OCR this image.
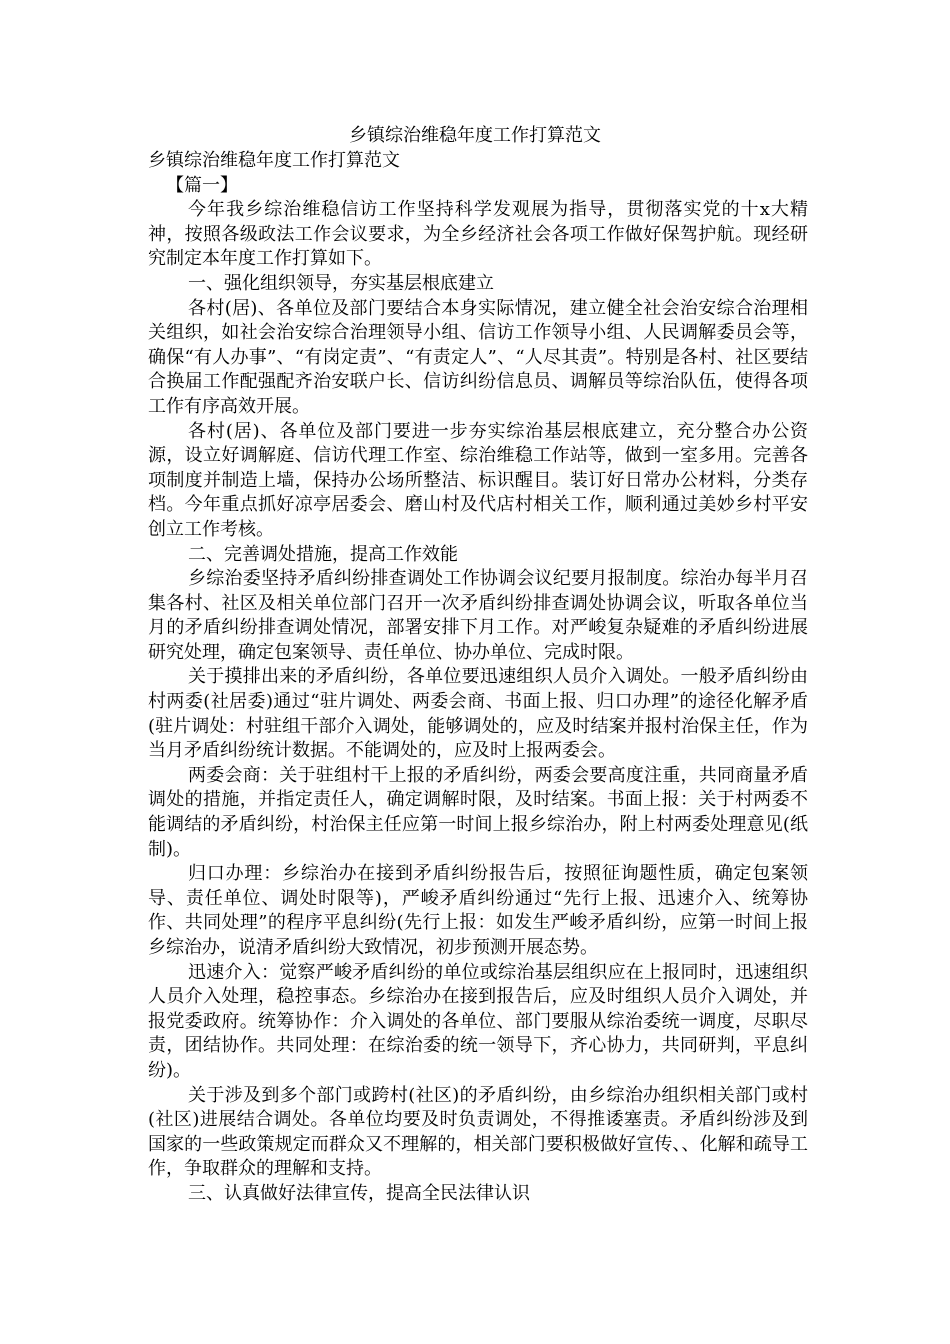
乡镇综治维稳年度工作打算范文

乡镇综治维稳年度工作打算范文

【篇一】

今年我乡综治维稳信访工作坚持科学发观展为指导，贯彻落实党的十x大精神，按照各级政法工作会议要求，为全乡经济社会各项工作做好保驾护航。现经研究制定本年度工作打算如下。

一、强化组织领导，夯实基层根底建立

各村(居)、各单位及部门要结合本身实际情况，建立健全社会治安综合治理相关组织，如社会治安综合治理领导小组、信访工作领导小组、人民调解委员会等，确保“有人办事”、“有岗定责”、“有责定人”、“人尽其责”。特别是各村、社区要结合换届工作配强配齐治安联户长、信访纠纷信息员、调解员等综治队伍，使得各项工作有序高效开展。

各村(居)、各单位及部门要进一步夯实综治基层根底建立，充分整合办公资源，设立好调解庭、信访代理工作室、综治维稳工作站等，做到一室多用。完善各项制度并制造上墙，保持办公场所整洁、标识醒目。装订好日常办公材料，分类存档。今年重点抓好凉亭居委会、磨山村及代店村相关工作，顺利通过美妙乡村平安创立工作考核。

二、完善调处措施，提高工作效能

乡综治委坚持矛盾纠纷排查调处工作协调会议纪要月报制度。综治办每半月召集各村、社区及相关单位部门召开一次矛盾纠纷排查调处协调会议，听取各单位当月的矛盾纠纷排查调处情况，部署安排下月工作。对严峻复杂疑难的矛盾纠纷进展研究处理，确定包案领导、责任单位、协办单位、完成时限。

关于摸排出来的矛盾纠纷，各单位要迅速组织人员介入调处。一般矛盾纠纷由村两委(社居委)通过“驻片调处、两委会商、书面上报、归口办理”的途径化解矛盾(驻片调处：村驻组干部介入调处，能够调处的，应及时结案并报村治保主任，作为当月矛盾纠纷统计数据。不能调处的，应及时上报两委会。

两委会商：关于驻组村干上报的矛盾纠纷，两委会要高度注重，共同商量矛盾调处的措施，并指定责任人，确定调解时限，及时结案。书面上报：关于村两委不能调结的矛盾纠纷，村治保主任应第一时间上报乡综治办，附上村两委处理意见(纸制)。

归口办理：乡综治办在接到矛盾纠纷报告后，按照征询题性质，确定包案领导、责任单位、调处时限等)，严峻矛盾纠纷通过“先行上报、迅速介入、统筹协作、共同处理”的程序平息纠纷(先行上报：如发生严峻矛盾纠纷，应第一时间上报乡综治办，说清矛盾纠纷大致情况，初步预测开展态势。

迅速介入：觉察严峻矛盾纠纷的单位或综治基层组织应在上报同时，迅速组织人员介入处理，稳控事态。乡综治办在接到报告后，应及时组织人员介入调处，并报党委政府。统筹协作：介入调处的各单位、部门要服从综治委统一调度，尽职尽责，团结协作。共同处理：在综治委的统一领导下，齐心协力，共同研判，平息纠纷)。

关于涉及到多个部门或跨村(社区)的矛盾纠纷，由乡综治办组织相关部门或村(社区)进展结合调处。各单位均要及时负责调处，不得推诿塞责。矛盾纠纷涉及到国家的一些政策规定而群众又不理解的，相关部门要积极做好宣传、、化解和疏导工作，争取群众的理解和支持。

三、认真做好法律宣传，提高全民法律认识
